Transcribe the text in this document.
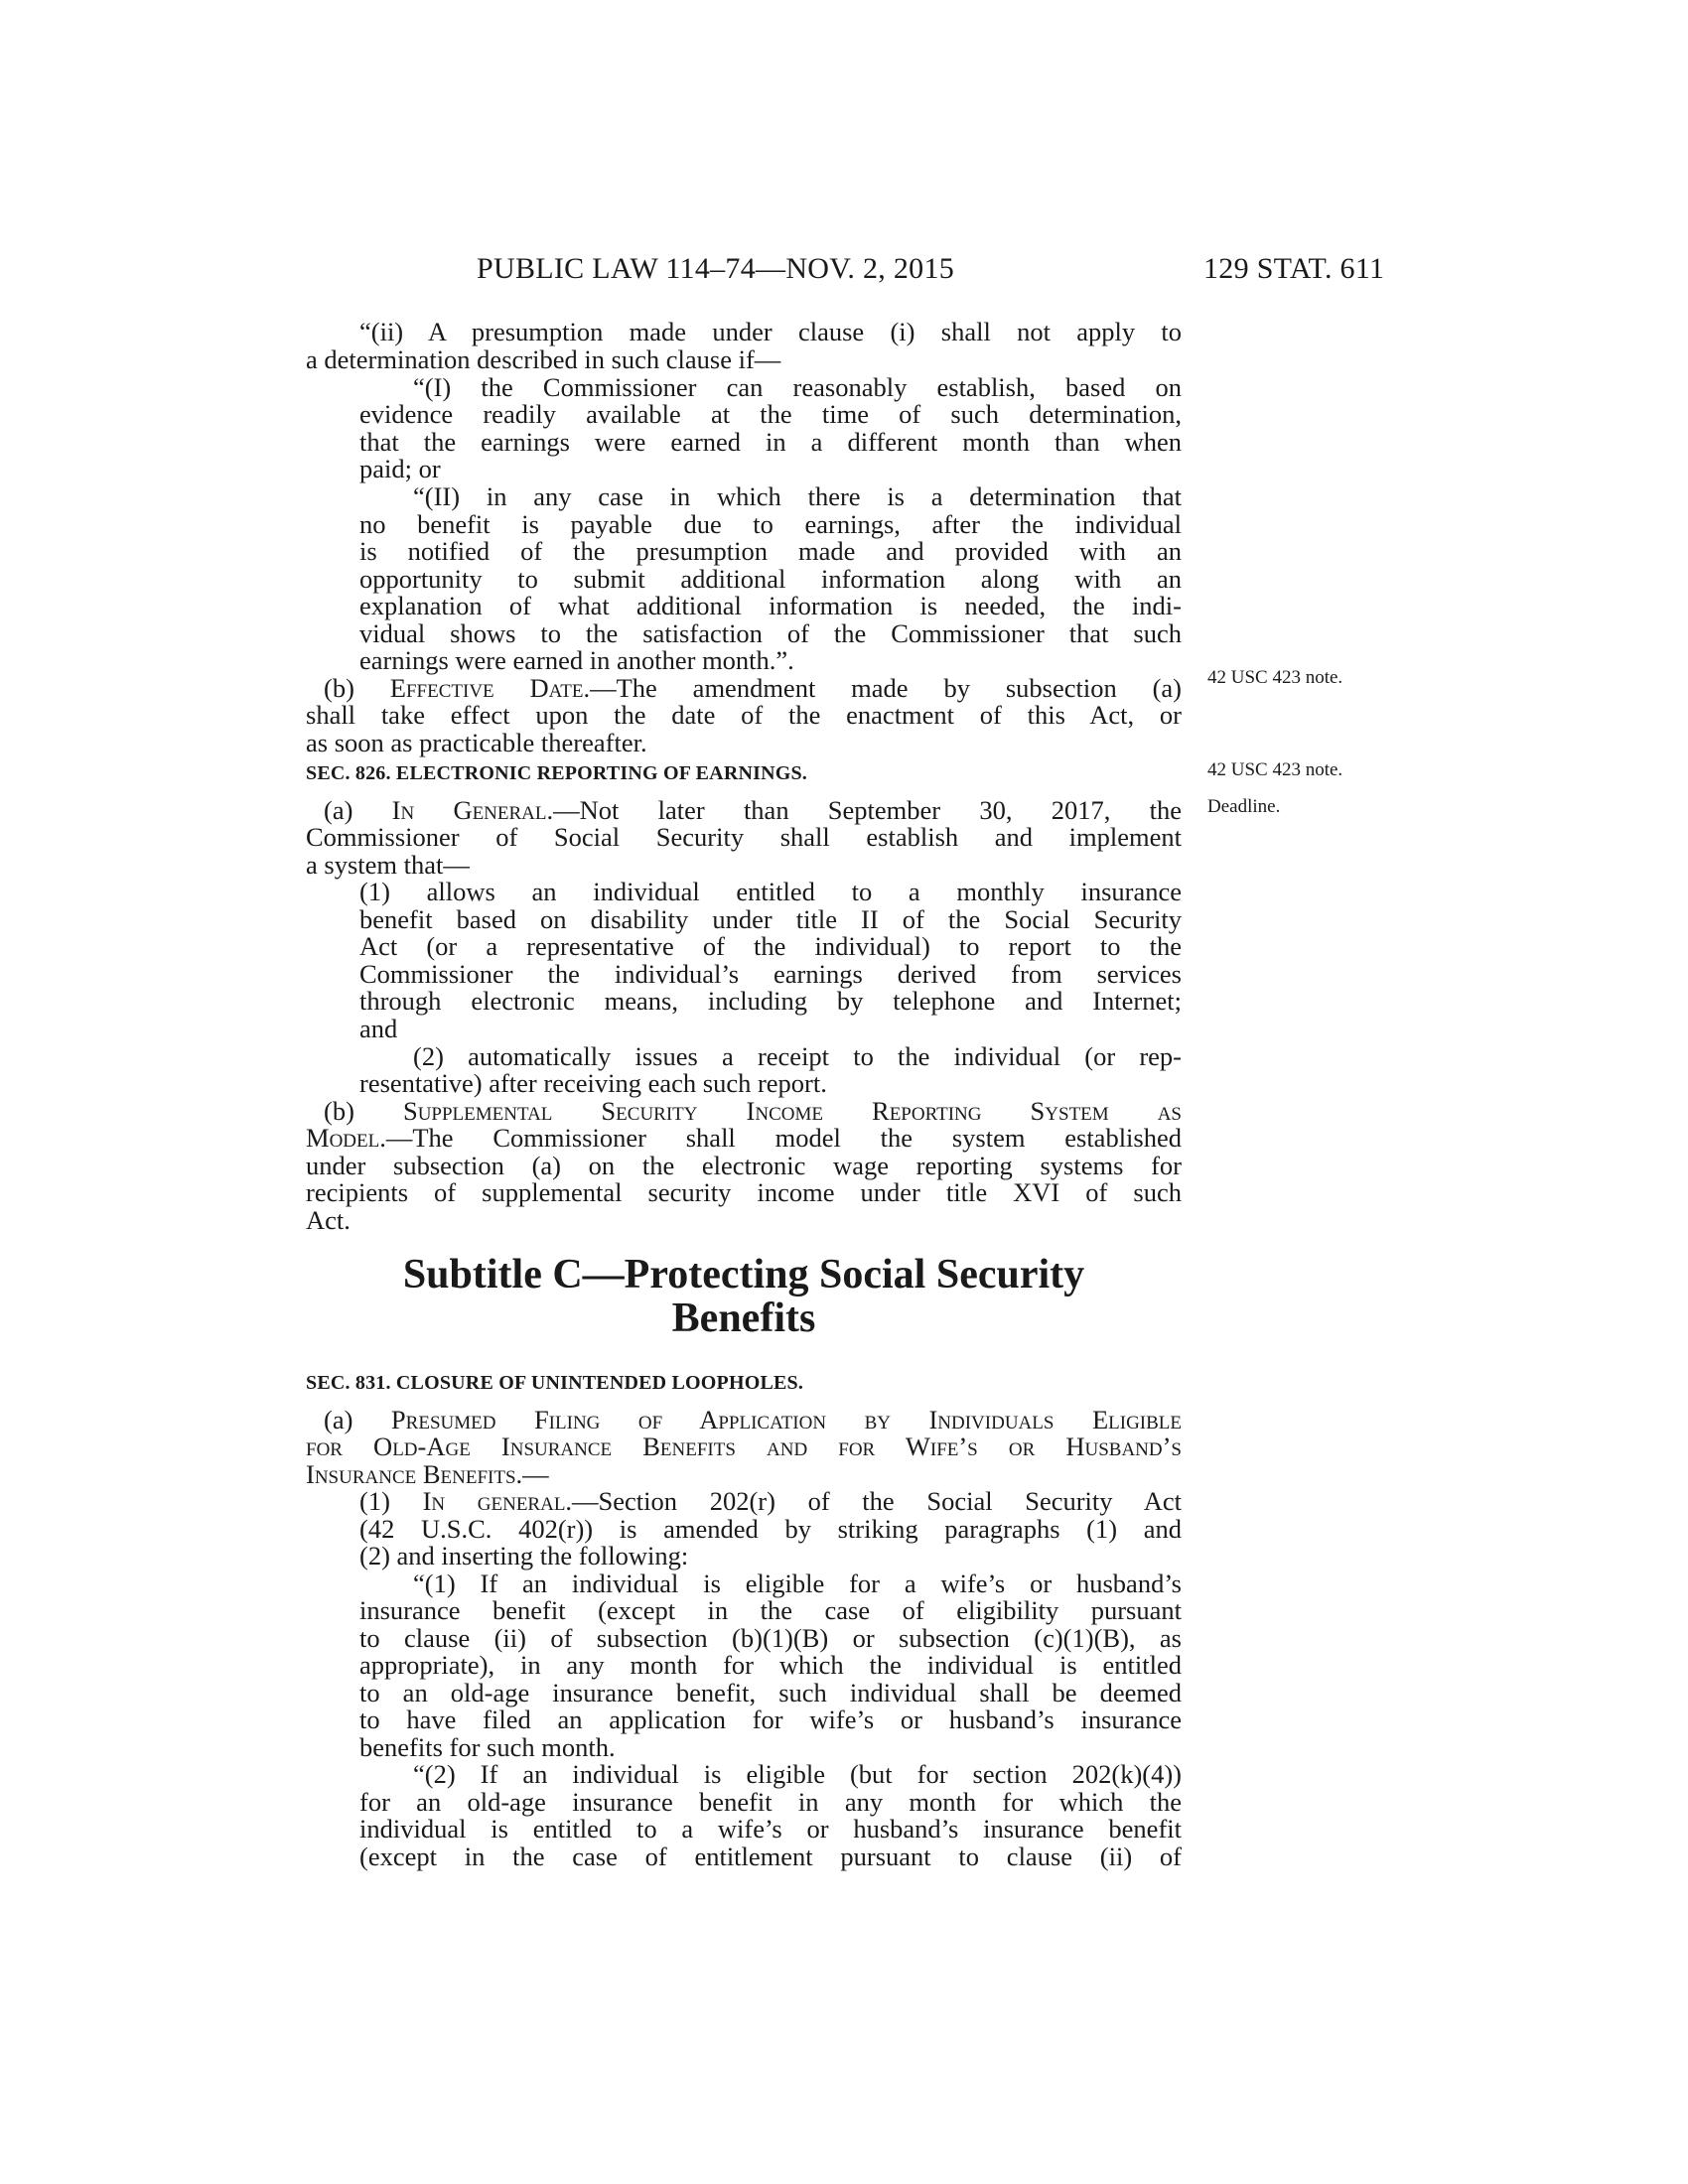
PUBLIC LAW 114–74—NOV. 2, 2015	129 STAT. 611
42 USC 423 note.
42 USC 423 note.
Deadline.
“(ii) A presumption made under clause (i) shall not apply to
a determination described in such clause if—
“(I) the Commissioner can reasonably establish, based on
evidence readily available at the time of such determination,
that the earnings were earned in a different month than when
paid; or
“(II) in any case in which there is a determination that
no benefit is payable due to earnings, after the individual
is notified of the presumption made and provided with an
opportunity to submit additional information along with an
explanation of what additional information is needed, the indi-
vidual shows to the satisfaction of the Commissioner that such
earnings were earned in another month.”.
(b) Effective Date.—The amendment made by subsection (a)
shall take effect upon the date of the enactment of this Act, or
as soon as practicable thereafter.
SEC. 826. ELECTRONIC REPORTING OF EARNINGS.
(a) In General.—Not later than September 30, 2017, the
Commissioner of Social Security shall establish and implement
a system that—
(1) allows an individual entitled to a monthly insurance
benefit based on disability under title II of the Social Security
Act (or a representative of the individual) to report to the
Commissioner the individual’s earnings derived from services
through electronic means, including by telephone and Internet;
and
(2) automatically issues a receipt to the individual (or rep-
resentative) after receiving each such report.
(b) Supplemental Security Income Reporting System as
Model.—The Commissioner shall model the system established
under subsection (a) on the electronic wage reporting systems for
recipients of supplemental security income under title XVI of such
Act.
Subtitle C—Protecting Social Security
Benefits
SEC. 831. CLOSURE OF UNINTENDED LOOPHOLES.
(a) Presumed Filing of Application by Individuals Eligible
for Old-Age Insurance Benefits and for Wife’s or Husband’s
Insurance Benefits.—
(1) In general.—Section 202(r) of the Social Security Act
(42 U.S.C. 402(r)) is amended by striking paragraphs (1) and
(2) and inserting the following:
“(1) If an individual is eligible for a wife’s or husband’s
insurance benefit (except in the case of eligibility pursuant
to clause (ii) of subsection (b)(1)(B) or subsection (c)(1)(B), as
appropriate), in any month for which the individual is entitled
to an old-age insurance benefit, such individual shall be deemed
to have filed an application for wife’s or husband’s insurance
benefits for such month.
“(2) If an individual is eligible (but for section 202(k)(4))
for an old-age insurance benefit in any month for which the
individual is entitled to a wife’s or husband’s insurance benefit
(except in the case of entitlement pursuant to clause (ii) of
